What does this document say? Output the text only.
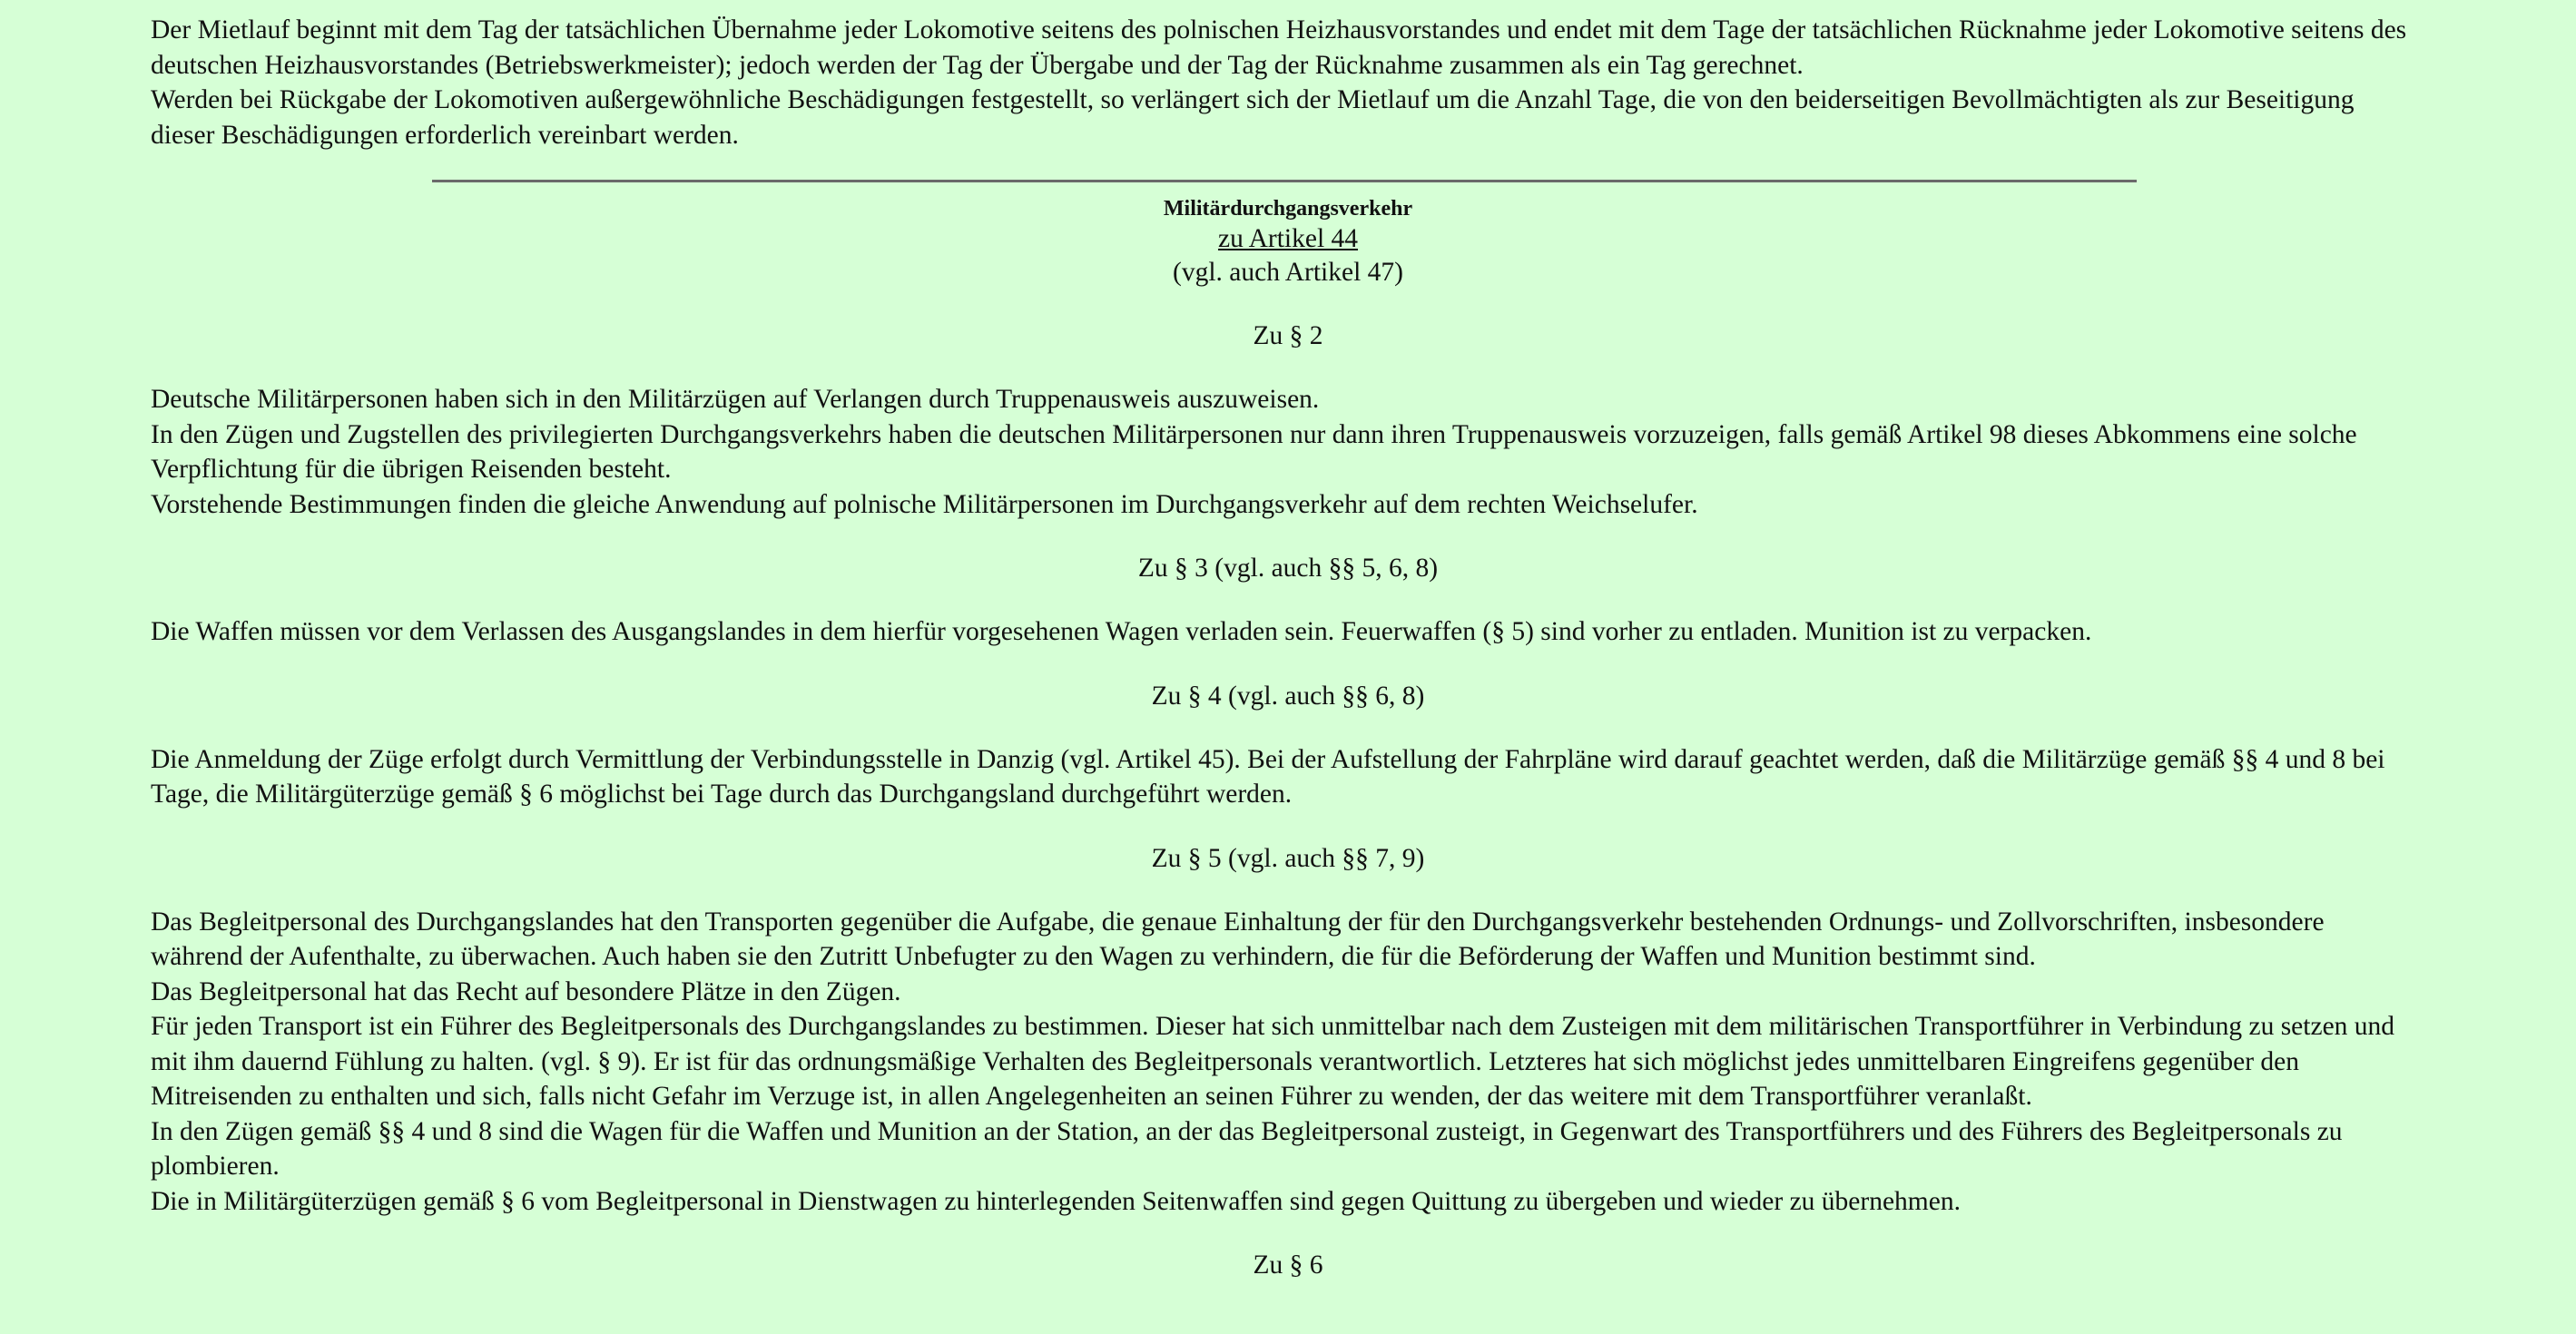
Der Mietlauf beginnt mit dem Tag der tatsächlichen Übernahme jeder Lokomotive seitens des polnischen Heizhausvorstandes und endet mit dem Tage der tatsächlichen Rücknahme jeder Lokomotive seitens des deutschen Heizhausvorstandes (Betriebswerkmeister); jedoch werden der Tag der Übergabe und der Tag der Rücknahme zusammen als ein Tag gerechnet.

Werden bei Rückgabe der Lokomotiven außergewöhnliche Beschädigungen festgestellt, so verlängert sich der Mietlauf um die Anzahl Tage, die von den beiderseitigen Bevollmächtigten als zur Beseitigung dieser Beschädigungen erforderlich vereinbart werden.

Militärdurchgangsverkehr

zu Artikel 44

(vgl. auch Artikel 47)

Zu § 2

Deutsche Militärpersonen haben sich in den Militärzügen auf Verlangen durch Truppenausweis auszuweisen.

In den Zügen und Zugstellen des privilegierten Durchgangsverkehrs haben die deutschen Militärpersonen nur dann ihren Truppenausweis vorzuzeigen, falls gemäß Artikel 98 dieses Abkommens eine solche Verpflichtung für die übrigen Reisenden besteht.

Vorstehende Bestimmungen finden die gleiche Anwendung auf polnische Militärpersonen im Durchgangsverkehr auf dem rechten Weichselufer.

Zu § 3 (vgl. auch §§ 5, 6, 8)

Die Waffen müssen vor dem Verlassen des Ausgangslandes in dem hierfür vorgesehenen Wagen verladen sein. Feuerwaffen (§ 5) sind vorher zu entladen. Munition ist zu verpacken.

Zu § 4 (vgl. auch §§ 6, 8)

Die Anmeldung der Züge erfolgt durch Vermittlung der Verbindungsstelle in Danzig (vgl. Artikel 45). Bei der Aufstellung der Fahrpläne wird darauf geachtet werden, daß die Militärzüge gemäß §§ 4 und 8 bei Tage, die Militärgüterzüge gemäß § 6 möglichst bei Tage durch das Durchgangsland durchgeführt werden.

Zu § 5 (vgl. auch §§ 7, 9)

Das Begleitpersonal des Durchgangslandes hat den Transporten gegenüber die Aufgabe, die genaue Einhaltung der für den Durchgangsverkehr bestehenden Ordnungs- und Zollvorschriften, insbesondere während der Aufenthalte, zu überwachen. Auch haben sie den Zutritt Unbefugter zu den Wagen zu verhindern, die für die Beförderung der Waffen und Munition bestimmt sind.

Das Begleitpersonal hat das Recht auf besondere Plätze in den Zügen.

Für jeden Transport ist ein Führer des Begleitpersonals des Durchgangslandes zu bestimmen. Dieser hat sich unmittelbar nach dem Zusteigen mit dem militärischen Transportführer in Verbindung zu setzen und mit ihm dauernd Fühlung zu halten. (vgl. § 9). Er ist für das ordnungsmäßige Verhalten des Begleitpersonals verantwortlich. Letzteres hat sich möglichst jedes unmittelbaren Eingreifens gegenüber den Mitreisenden zu enthalten und sich, falls nicht Gefahr im Verzuge ist, in allen Angelegenheiten an seinen Führer zu wenden, der das weitere mit dem Transportführer veranlaßt.

In den Zügen gemäß §§ 4 und 8 sind die Wagen für die Waffen und Munition an der Station, an der das Begleitpersonal zusteigt, in Gegenwart des Transportführers und des Führers des Begleitpersonals zu plombieren.

Die in Militärgüterzügen gemäß § 6 vom Begleitpersonal in Dienstwagen zu hinterlegenden Seitenwaffen sind gegen Quittung zu übergeben und wieder zu übernehmen.

Zu § 6
